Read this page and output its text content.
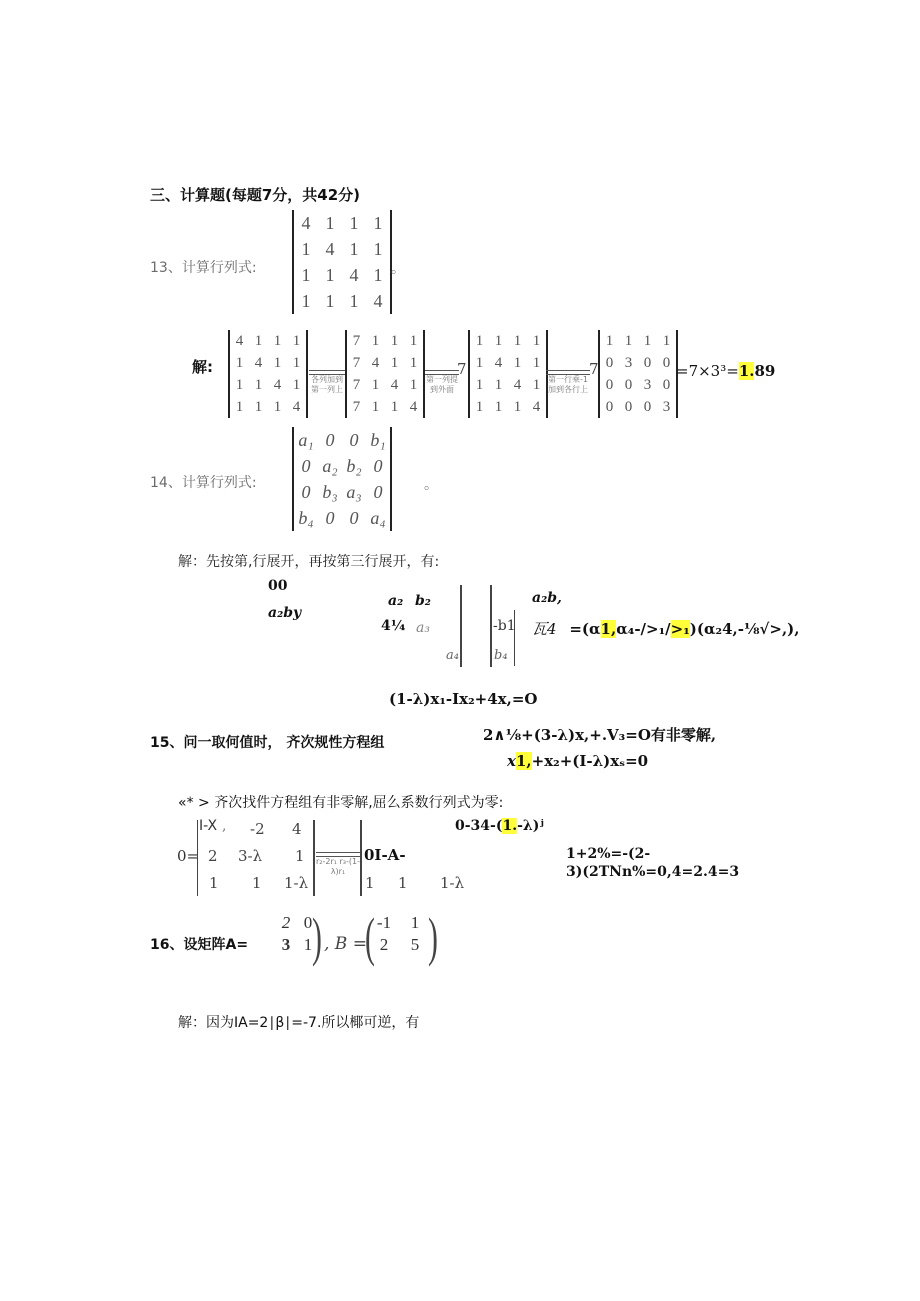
三、计算题(每题7分，共42分)
13、计算行列式:
4	1	1	1
1	4	1	1
1	1	4	1
1	1	1	4
。
解:
4	1	1	1
1	4	1	1
1	1	4	1
1	1	1	4
各列加到第一列上
7	1	1	1
7	4	1	1
7	1	4	1
7	1	1	4
第一列提到外面
7
1	1	1	1
1	4	1	1
1	1	4	1
1	1	1	4
第一行乘-1加到各行上
7
1	1	1	1
0	3	0	0
0	0	3	0
0	0	0	3
=7×3³=1.89
14、计算行列式:
a₁	0	0	b₁
0	a₂	b₂	0
0	b₃	a₃	0
b₄	0	0	a₄
。
解：先按第,行展开，再按第三行展开，有:
00
a₂by
4¼
a₂ b₂
a₃	-b1
a₄	b₄
a₂b,
瓦4 =(α1,α₄-/>₁/>₁)(α₂4,-⅛√>,),
(1-λ)x₁-Ix₂+4x,=O
15、问一取何值时， 齐次规性方程组	2∧⅛+(3-λ)x,+.V₃=O有非零解,
x1,+x₂+(I-λ)xₛ=0
«* > 齐次找件方程组有非零解,屈么系数行列式为零:
0=
I-X , -2 4
2 3-λ 1
1 1 1-λ
r₂-2r₁ r₃-(1-λ)r₁
0I-A-
1 1 1-λ
0-34-(1.-λ)ʲ
1+2%=-(2-
3)(2TNn%=0,4=2.4=3
16、设矩阵A=
2	0
3	1 ) , B =
( -1	1
2	5 )
解：因为IA=2∣β∣=-7.所以椰可逆，有
